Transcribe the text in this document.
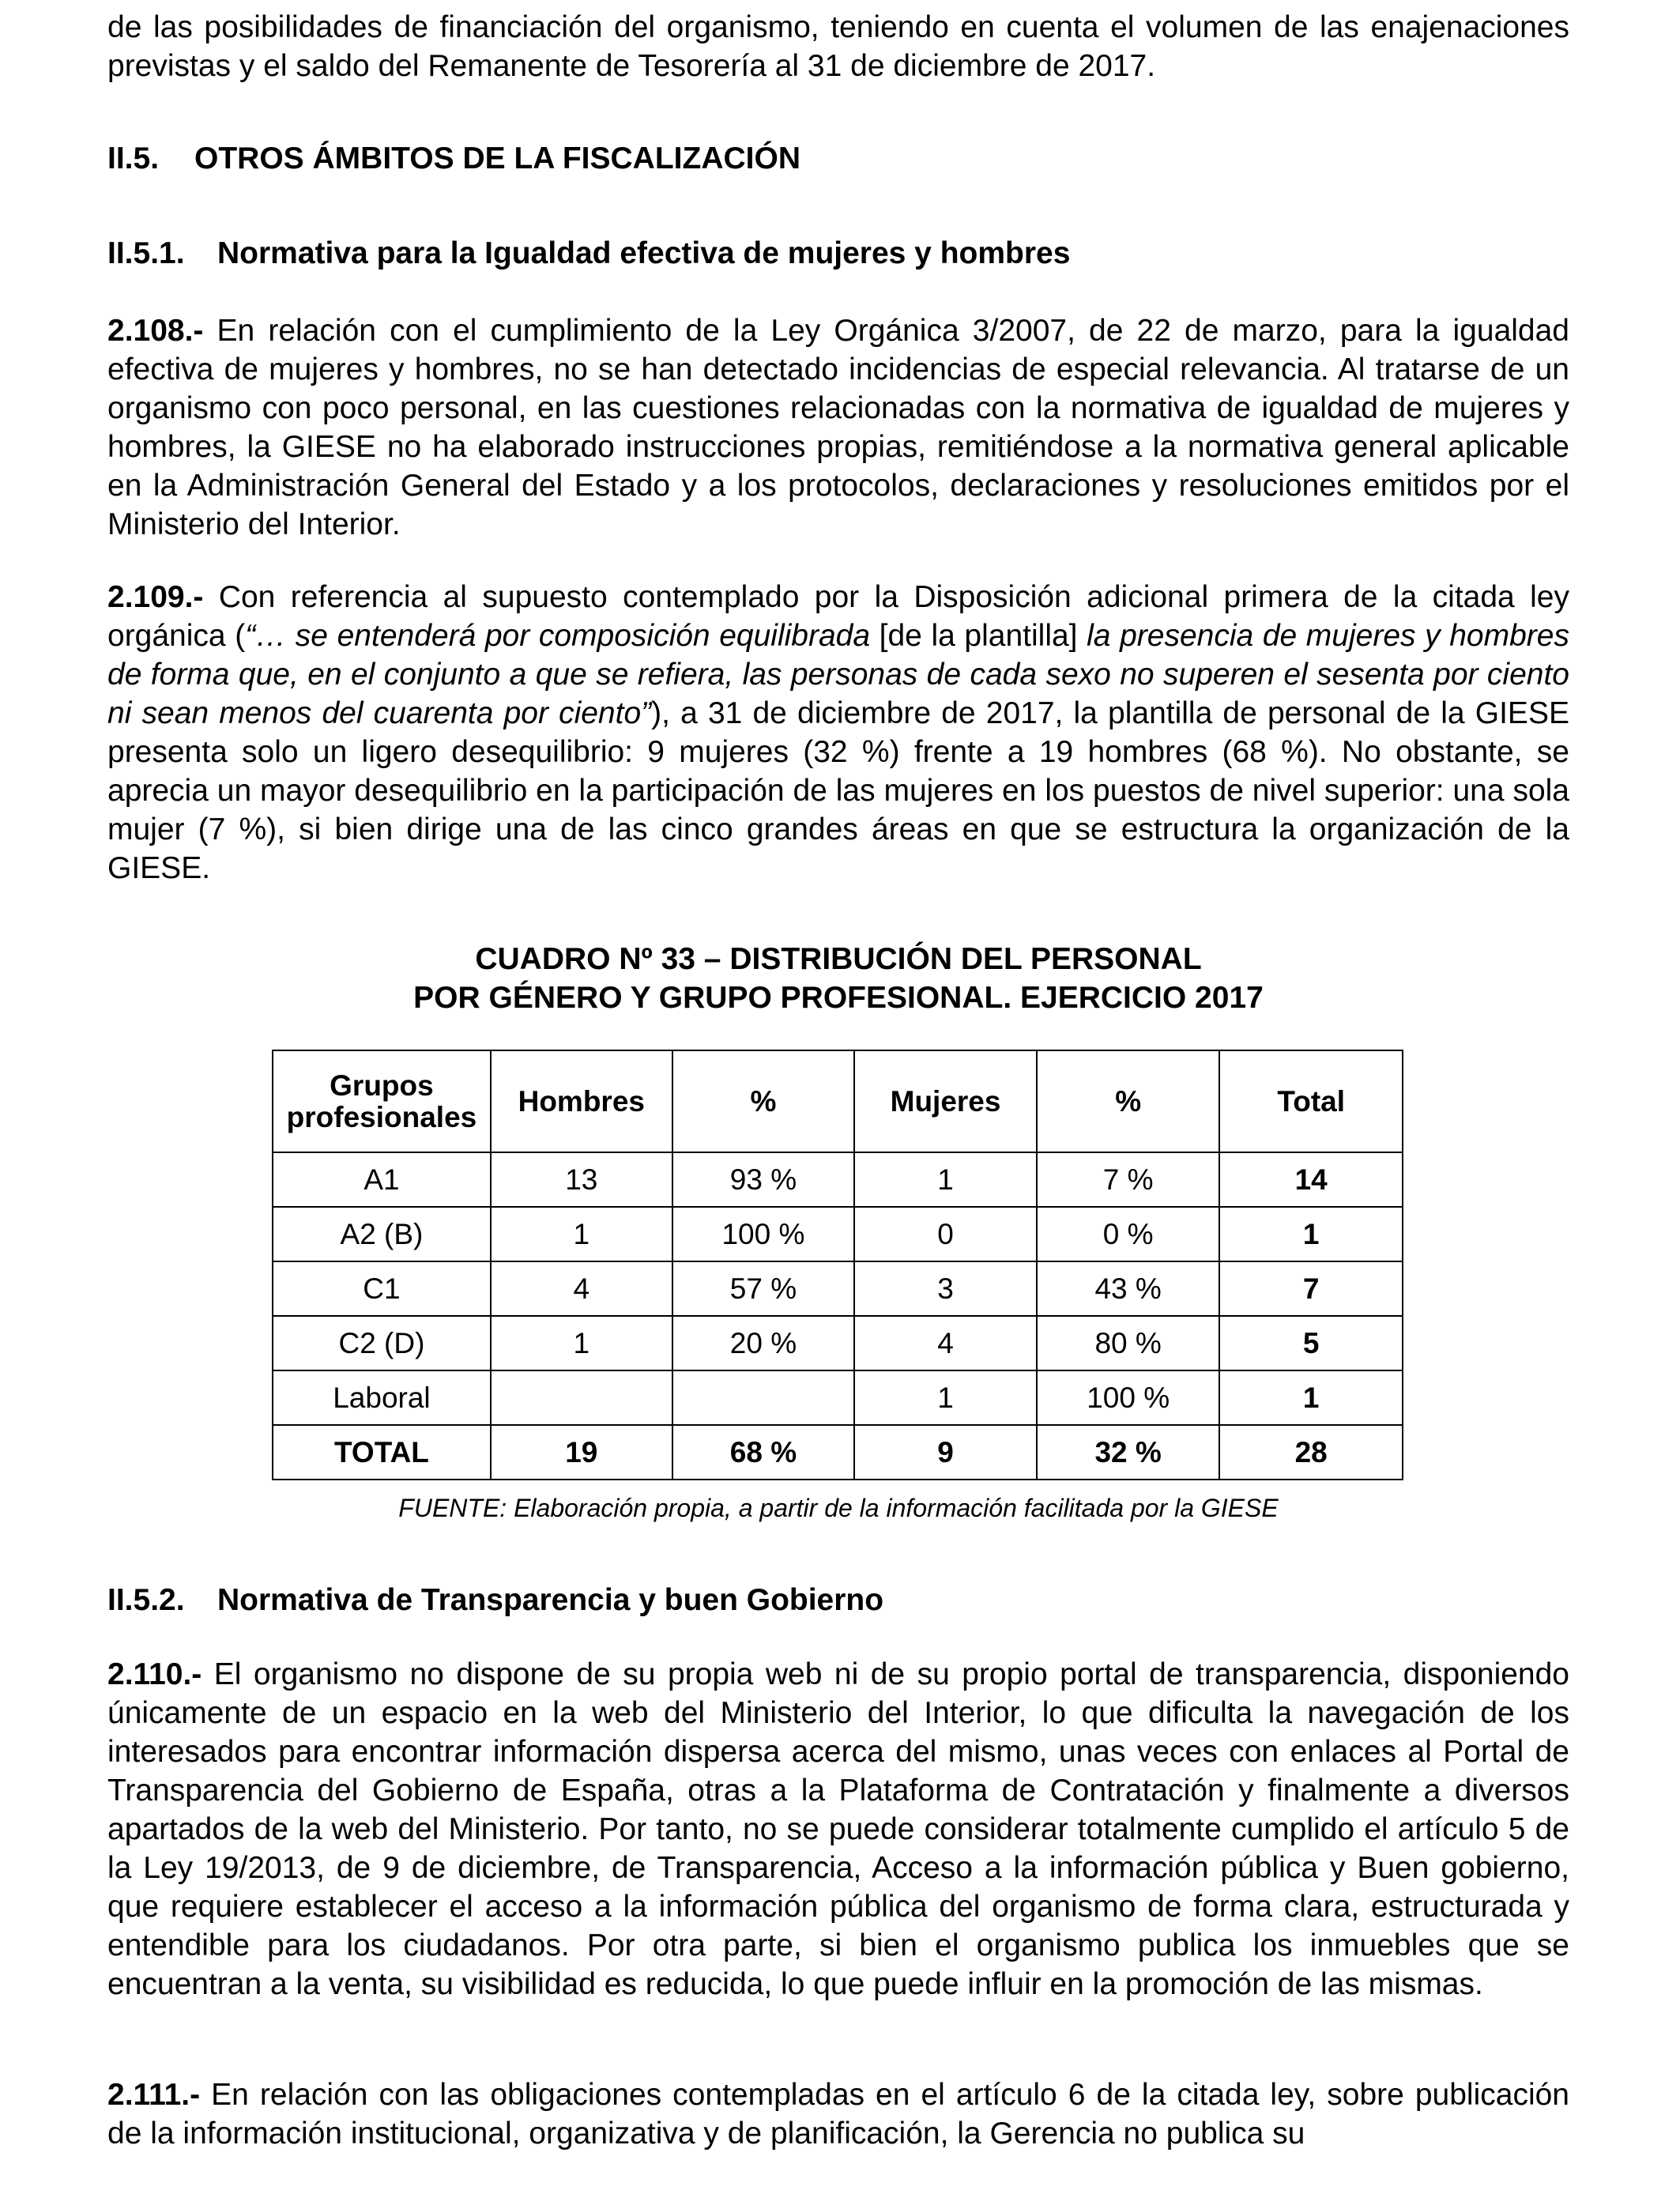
de las posibilidades de financiación del organismo, teniendo en cuenta el volumen de las enajenaciones previstas y el saldo del Remanente de Tesorería al 31 de diciembre de 2017.

II.5. OTROS ÁMBITOS DE LA FISCALIZACIÓN
II.5.1. Normativa para la Igualdad efectiva de mujeres y hombres

2.108.- En relación con el cumplimiento de la Ley Orgánica 3/2007, de 22 de marzo, para la igualdad efectiva de mujeres y hombres, no se han detectado incidencias de especial relevancia. Al tratarse de un organismo con poco personal, en las cuestiones relacionadas con la normativa de igualdad de mujeres y hombres, la GIESE no ha elaborado instrucciones propias, remitiéndose a la normativa general aplicable en la Administración General del Estado y a los protocolos, declaraciones y resoluciones emitidos por el Ministerio del Interior.

2.109.- Con referencia al supuesto contemplado por la Disposición adicional primera de la citada ley orgánica (“… se entenderá por composición equilibrada [de la plantilla] la presencia de mujeres y hombres de forma que, en el conjunto a que se refiera, las personas de cada sexo no superen el sesenta por ciento ni sean menos del cuarenta por ciento”), a 31 de diciembre de 2017, la plantilla de personal de la GIESE presenta solo un ligero desequilibrio: 9 mujeres (32 %) frente a 19 hombres (68 %). No obstante, se aprecia un mayor desequilibrio en la participación de las mujeres en los puestos de nivel superior: una sola mujer (7 %), si bien dirige una de las cinco grandes áreas en que se estructura la organización de la GIESE.

CUADRO Nº 33 – DISTRIBUCIÓN DEL PERSONAL
POR GÉNERO Y GRUPO PROFESIONAL. EJERCICIO 2017
Grupos profesionales	Hombres	%	Mujeres	%	Total
A1	13	93 %	1	7 %	14
A2 (B)	1	100 %	0	0 %	1
C1	4	57 %	3	43 %	7
C2 (D)	1	20 %	4	80 %	5
Laboral			1	100 %	1
TOTAL	19	68 %	9	32 %	28
FUENTE: Elaboración propia, a partir de la información facilitada por la GIESE
II.5.2. Normativa de Transparencia y buen Gobierno

2.110.- El organismo no dispone de su propia web ni de su propio portal de transparencia, disponiendo únicamente de un espacio en la web del Ministerio del Interior, lo que dificulta la navegación de los interesados para encontrar información dispersa acerca del mismo, unas veces con enlaces al Portal de Transparencia del Gobierno de España, otras a la Plataforma de Contratación y finalmente a diversos apartados de la web del Ministerio. Por tanto, no se puede considerar totalmente cumplido el artículo 5 de la Ley 19/2013, de 9 de diciembre, de Transparencia, Acceso a la información pública y Buen gobierno, que requiere establecer el acceso a la información pública del organismo de forma clara, estructurada y entendible para los ciudadanos. Por otra parte, si bien el organismo publica los inmuebles que se encuentran a la venta, su visibilidad es reducida, lo que puede influir en la promoción de las mismas.

2.111.- En relación con las obligaciones contempladas en el artículo 6 de la citada ley, sobre publicación de la información institucional, organizativa y de planificación, la Gerencia no publica su
